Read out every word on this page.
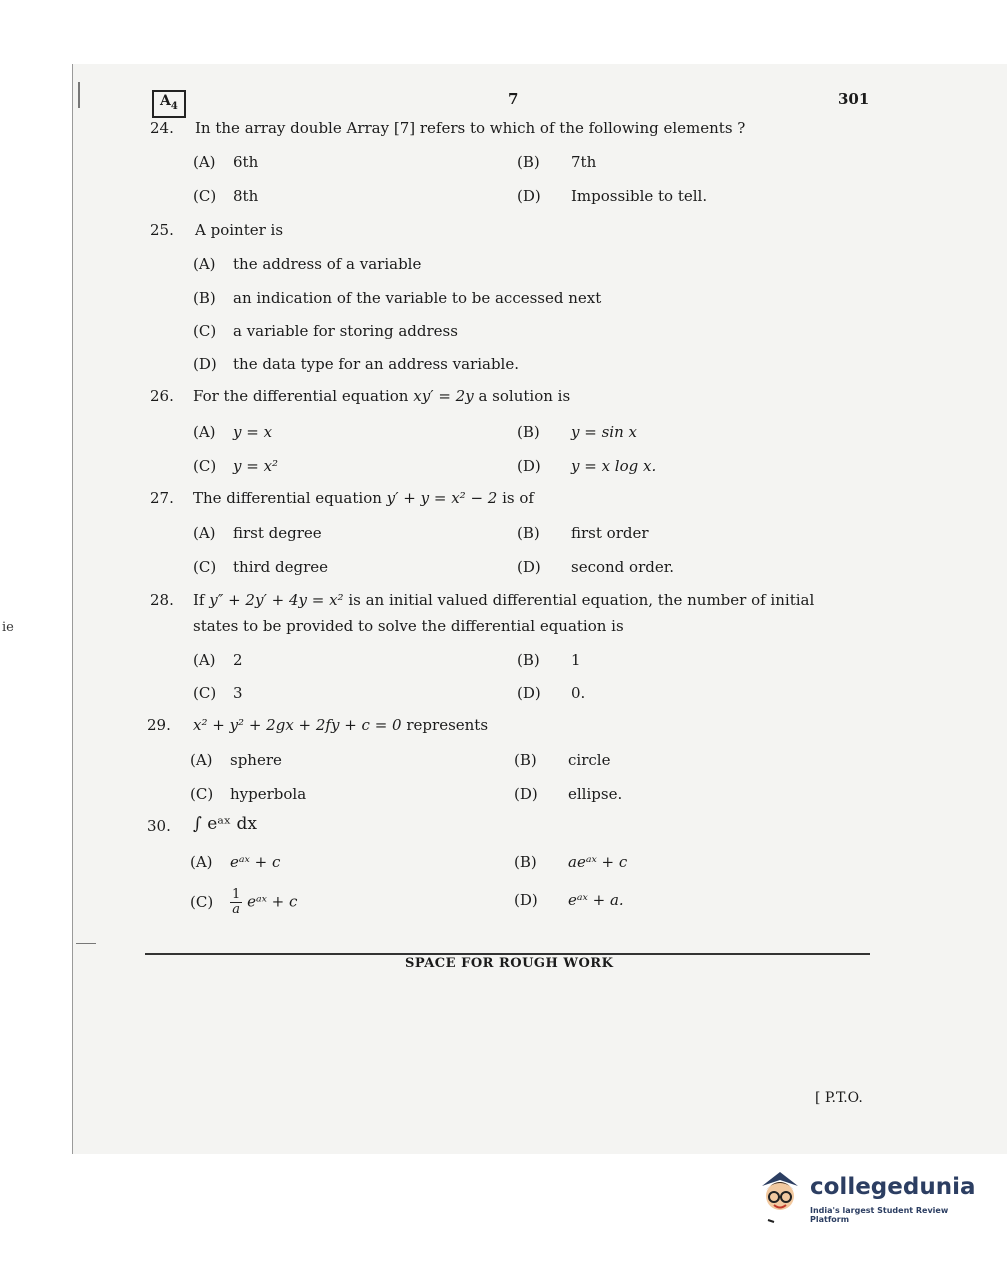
ie
$A_4$	7	301
24. In the array double Array [7] refers to which of the following elements ?
(A) 6th	(B) 7th
(C) 8th	(D) Impossible to tell.
25. A pointer is
(A) the address of a variable
(B) an indication of the variable to be accessed next
(C) a variable for storing address
(D) the data type for an address variable.
26. For the differential equation xy′ = 2y a solution is
(A) y = x	(B) y = sin x
(C) y = x²	(D) y = x log x.
27. The differential equation y′ + y = x² − 2 is of
(A) first degree	(B) first order
(C) third degree	(D) second order.
28. If y″ + 2y′ + 4y = x² is an initial valued differential equation, the number of initial
states to be provided to solve the differential equation is
(A) 2	(B) 1
(C) 3	(D) 0.
29. x² + y² + 2gx + 2fy + c = 0 represents
(A) sphere	(B) circle
(C) hyperbola	(D) ellipse.
30. ∫ eᵃˣ dx
(A) eᵃˣ + c	(B) aeᵃˣ + c
$(C) \frac{1}{a}$ eᵃˣ + c	(D) eᵃˣ + a.
SPACE FOR ROUGH WORK
[ P.T.O.
collegedunia
India's largest Student Review Platform
